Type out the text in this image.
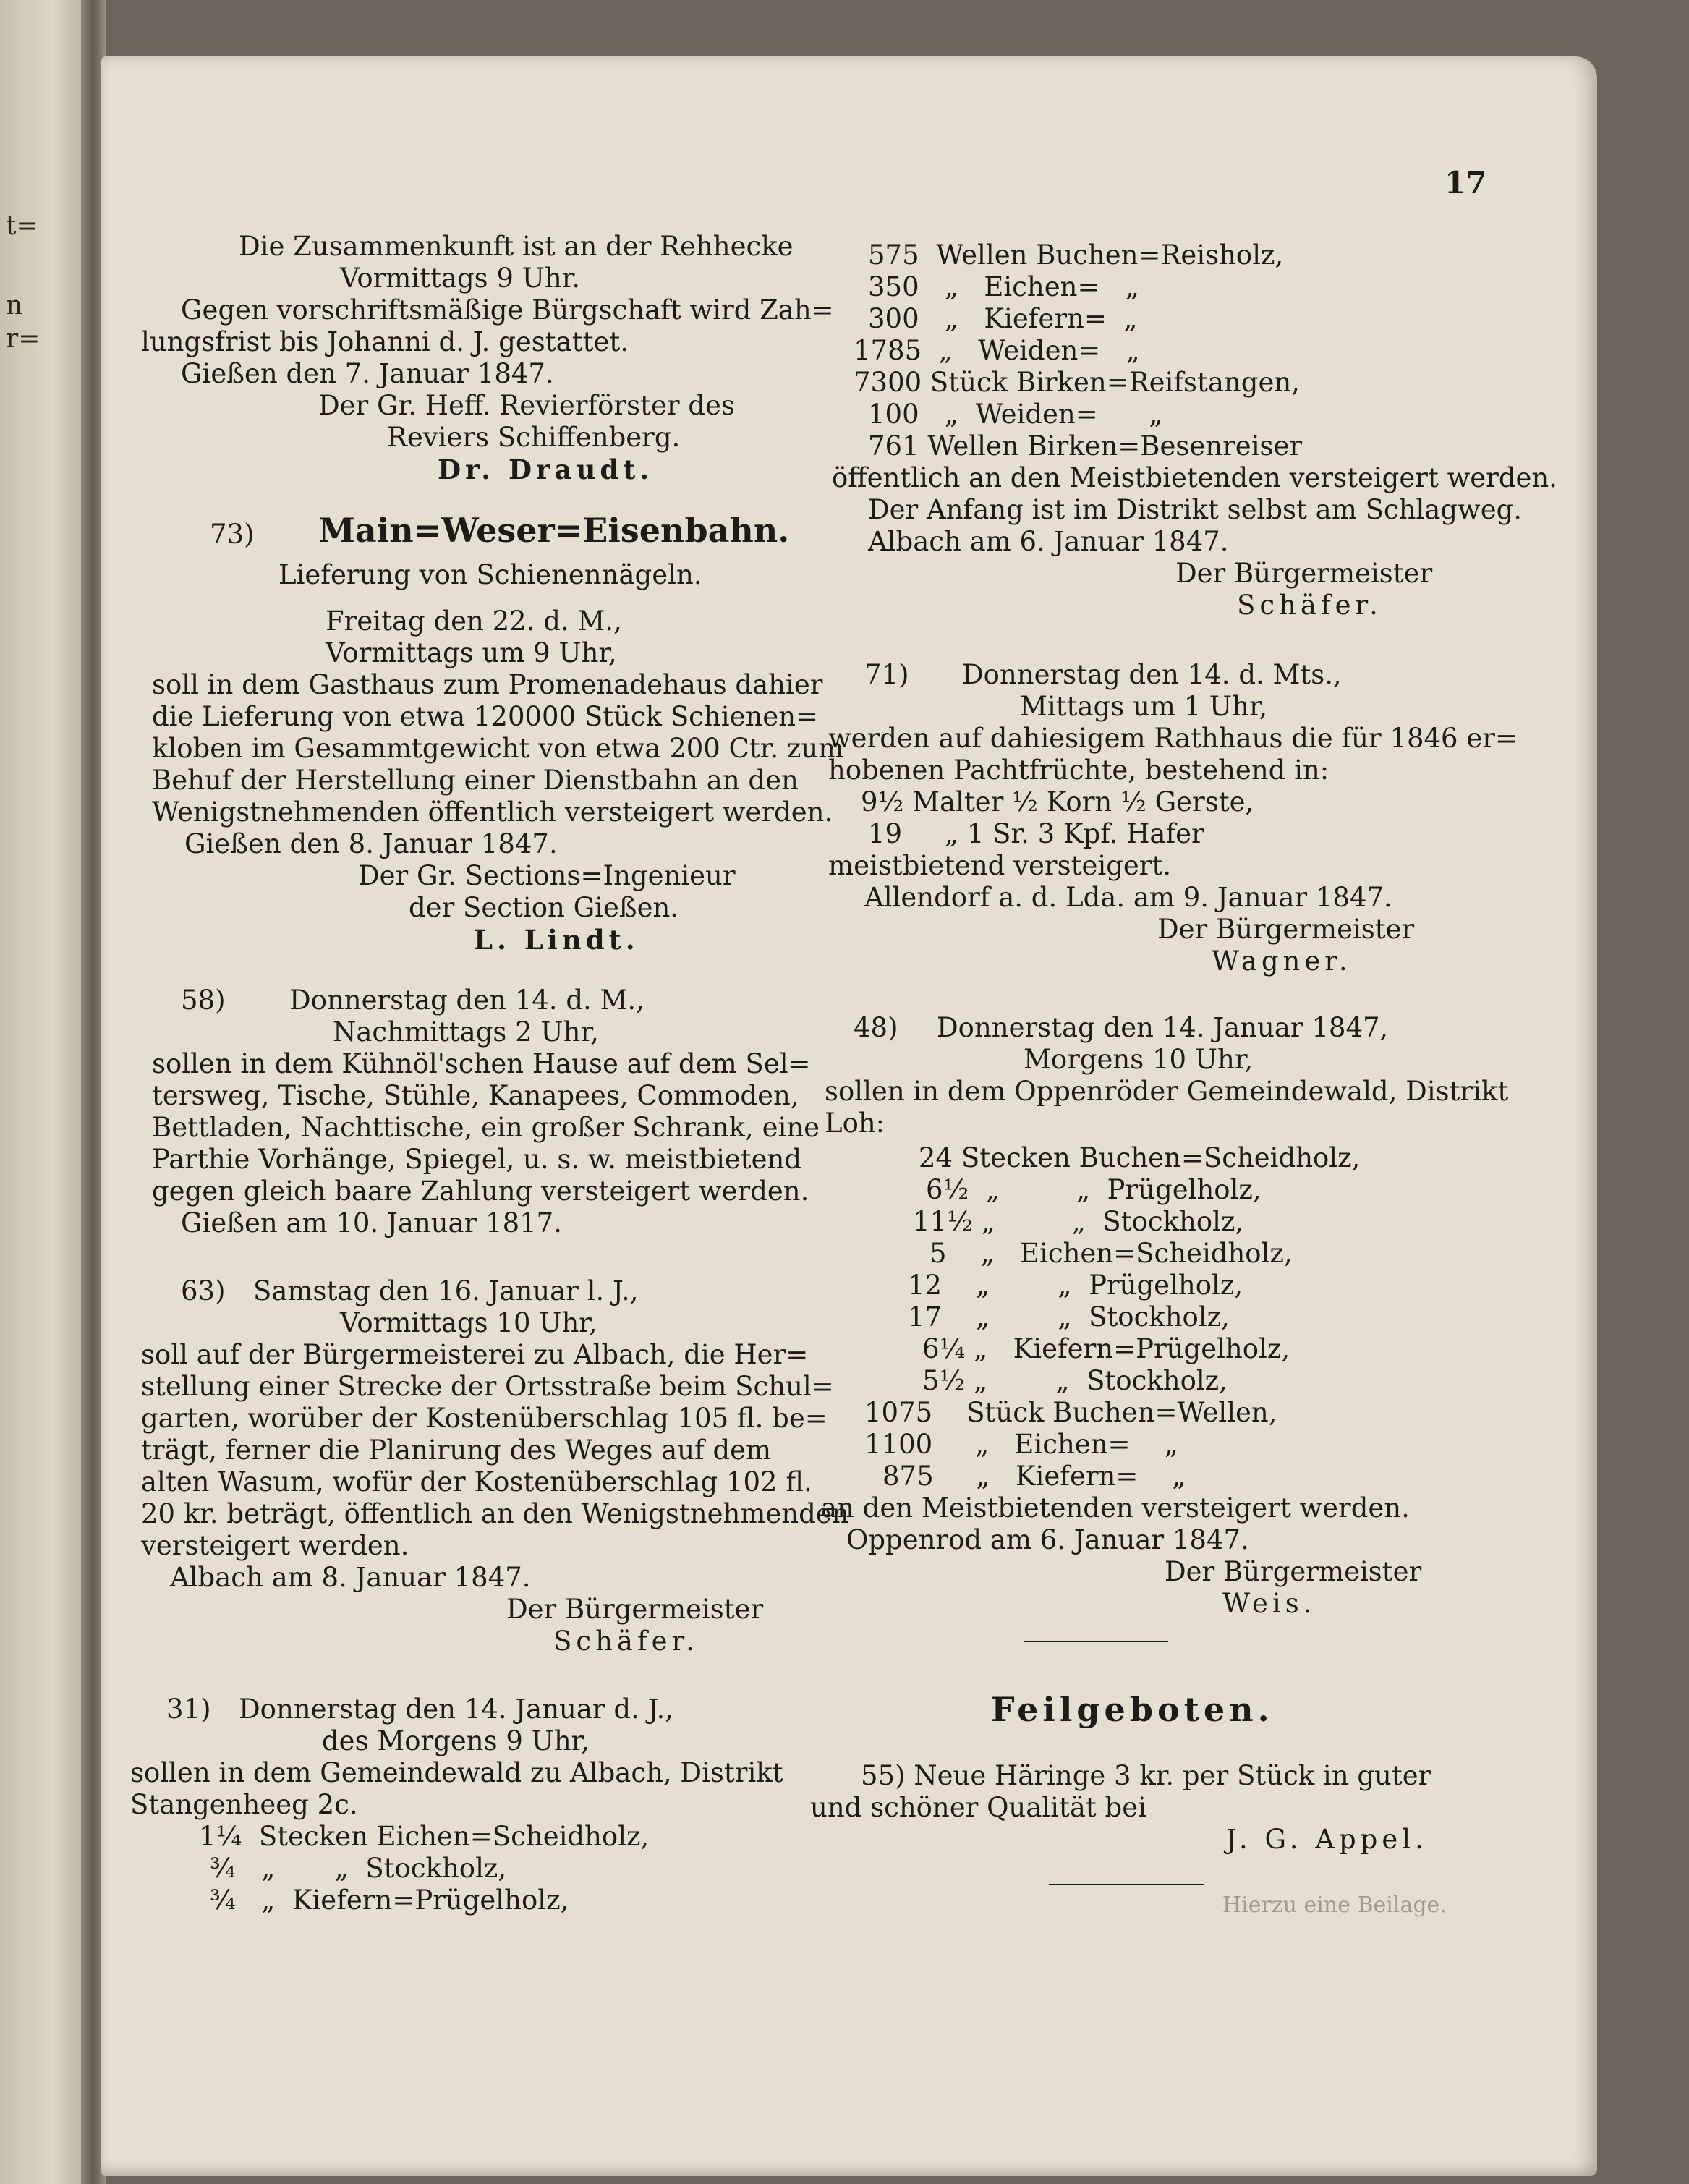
t=
n
r=
17
Die Zusammenkunft ist an der Rehhecke
Vormittags 9 Uhr.
Gegen vorschriftsmäßige Bürgschaft wird Zah=
lungsfrist bis Johanni d. J. gestattet.
Gießen den 7. Januar 1847.
Der Gr. Heff. Revierförster des
Reviers Schiffenberg.
Dr. Draudt.
73) Main=Weser=Eisenbahn.
Lieferung von Schienennägeln.
Freitag den 22. d. M.,
Vormittags um 9 Uhr,
soll in dem Gasthaus zum Promenadehaus dahier
die Lieferung von etwa 120000 Stück Schienen=
kloben im Gesammtgewicht von etwa 200 Ctr. zum
Behuf der Herstellung einer Dienstbahn an den
Wenigstnehmenden öffentlich versteigert werden.
Gießen den 8. Januar 1847.
Der Gr. Sections=Ingenieur
der Section Gießen.
L. Lindt.
58) Donnerstag den 14. d. M.,
Nachmittags 2 Uhr,
sollen in dem Kühnöl'schen Hause auf dem Sel=
tersweg, Tische, Stühle, Kanapees, Commoden,
Bettladen, Nachttische, ein großer Schrank, eine
Parthie Vorhänge, Spiegel, u. s. w. meistbietend
gegen gleich baare Zahlung versteigert werden.
Gießen am 10. Januar 1817.
63) Samstag den 16. Januar l. J.,
Vormittags 10 Uhr,
soll auf der Bürgermeisterei zu Albach, die Her=
stellung einer Strecke der Ortsstraße beim Schul=
garten, worüber der Kostenüberschlag 105 fl. be=
trägt, ferner die Planirung des Weges auf dem
alten Wasum, wofür der Kostenüberschlag 102 fl.
20 kr. beträgt, öffentlich an den Wenigstnehmenden
versteigert werden.
Albach am 8. Januar 1847.
Der Bürgermeister
Schäfer.
31) Donnerstag den 14. Januar d. J.,
des Morgens 9 Uhr,
sollen in dem Gemeindewald zu Albach, Distrikt
Stangenheeg 2c.
1¼  Stecken Eichen=Scheidholz,
¾   „       „  Stockholz,
¾   „  Kiefern=Prügelholz,
575  Wellen Buchen=Reisholz,
350   „   Eichen=   „
300   „   Kiefern=  „
1785  „   Weiden=   „
7300 Stück Birken=Reifstangen,
100   „  Weiden=      „
761 Wellen Birken=Besenreiser
öffentlich an den Meistbietenden versteigert werden.
Der Anfang ist im Distrikt selbst am Schlagweg.
Albach am 6. Januar 1847.
Der Bürgermeister
Schäfer.
71) Donnerstag den 14. d. Mts.,
Mittags um 1 Uhr,
werden auf dahiesigem Rathhaus die für 1846 er=
hobenen Pachtfrüchte, bestehend in:
9½ Malter ½ Korn ½ Gerste,
19     „ 1 Sr. 3 Kpf. Hafer
meistbietend versteigert.
Allendorf a. d. Lda. am 9. Januar 1847.
Der Bürgermeister
Wagner.
48) Donnerstag den 14. Januar 1847,
Morgens 10 Uhr,
sollen in dem Oppenröder Gemeindewald, Distrikt
Loh:
24 Stecken Buchen=Scheidholz,
6½  „         „  Prügelholz,
11½ „         „  Stockholz,
5    „   Eichen=Scheidholz,
12    „        „  Prügelholz,
17    „        „  Stockholz,
6¼ „   Kiefern=Prügelholz,
5½ „        „  Stockholz,
1075    Stück Buchen=Wellen,
1100     „   Eichen=    „
875     „   Kiefern=    „
an den Meistbietenden versteigert werden.
Oppenrod am 6. Januar 1847.
Der Bürgermeister
Weis.
Feilgeboten.
55) Neue Häringe 3 kr. per Stück in guter
und schöner Qualität bei
J. G. Appel.
Hierzu eine Beilage.
